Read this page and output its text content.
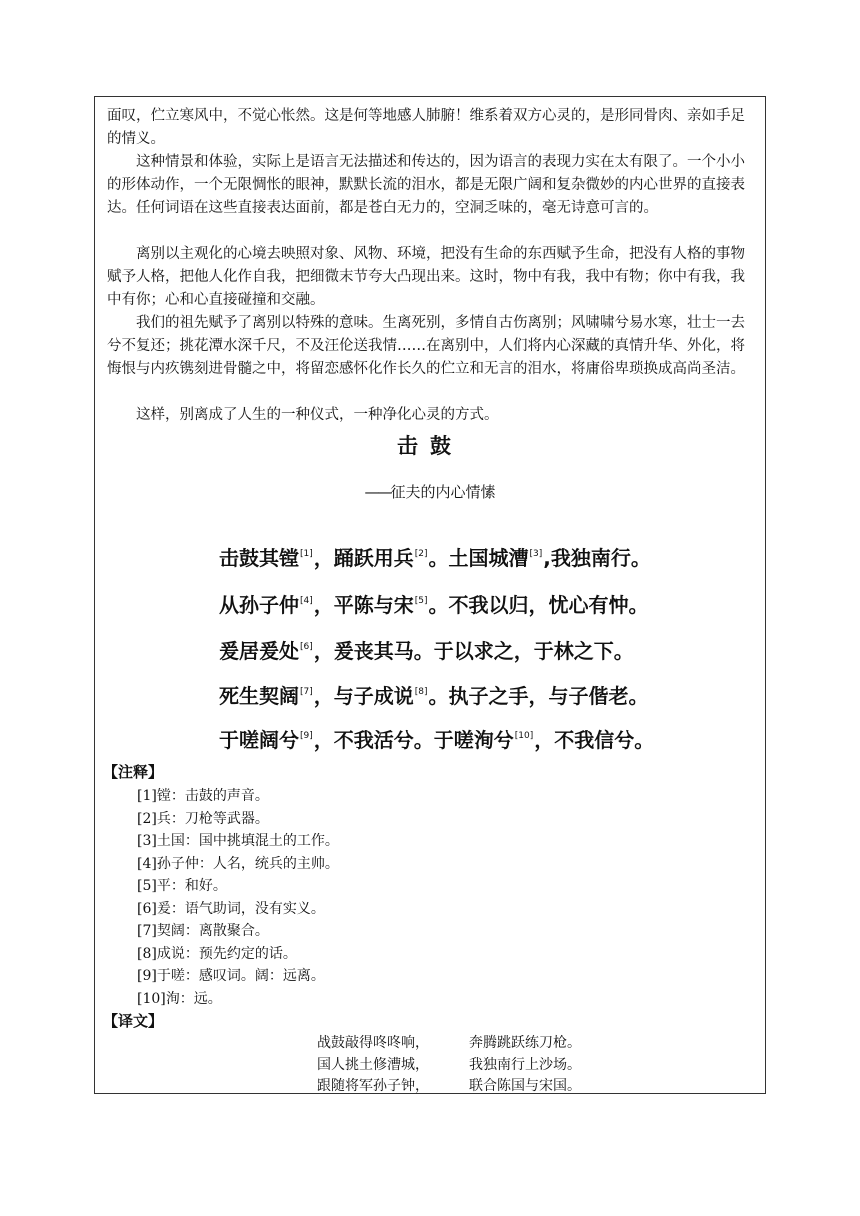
面叹，伫立寒风中，不觉心怅然。这是何等地感人肺腑！维系着双方心灵的，是形同骨肉、亲如手足的情义。

这种情景和体验，实际上是语言无法描述和传达的，因为语言的表现力实在太有限了。一个小小的形体动作，一个无限惆怅的眼神，默默长流的泪水，都是无限广阔和复杂微妙的内心世界的直接表达。任何词语在这些直接表达面前，都是苍白无力的，空洞乏味的，毫无诗意可言的。

离别以主观化的心境去映照对象、风物、环境，把没有生命的东西赋予生命，把没有人格的事物赋予人格，把他人化作自我，把细微末节夸大凸现出来。这时，物中有我，我中有物；你中有我，我中有你；心和心直接碰撞和交融。

我们的祖先赋予了离别以特殊的意味。生离死别，多情自古伤离别；风啸啸兮易水寒，壮士一去兮不复还；挑花潭水深千尺，不及汪伦送我情……在离别中，人们将内心深藏的真情升华、外化，将悔恨与内疚镌刻进骨髓之中，将留恋感怀化作长久的伫立和无言的泪水，将庸俗卑琐换成高尚圣洁。

这样，别离成了人生的一种仪式，一种净化心灵的方式。

击鼓
——征夫的内心情愫
击鼓其镗[1]，踊跃用兵[2]。土国城漕[3],我独南行。
从孙子仲[4]，平陈与宋[5]。不我以归，忧心有忡。
爰居爰处[6]，爰丧其马。于以求之，于林之下。
死生契阔[7]，与子成说[8]。执子之手，与子偕老。
于嗟阔兮[9]，不我活兮。于嗟洵兮[10]，不我信兮。
【注释】
[1]镗：击鼓的声音。
[2]兵：刀枪等武器。
[3]土国：国中挑填混土的工作。
[4]孙子仲：人名，统兵的主帅。
[5]平：和好。
[6]爰：语气助词，没有实义。
[7]契阔：离散聚合。
[8]成说：预先约定的话。
[9]于嗟：感叹词。阔：远离。
[10]洵：远。
【译文】
战鼓敲得咚咚响，	奔腾跳跃练刀枪。
国人挑土修漕城，	我独南行上沙场。
跟随将军孙子钟，	联合陈国与宋国。
